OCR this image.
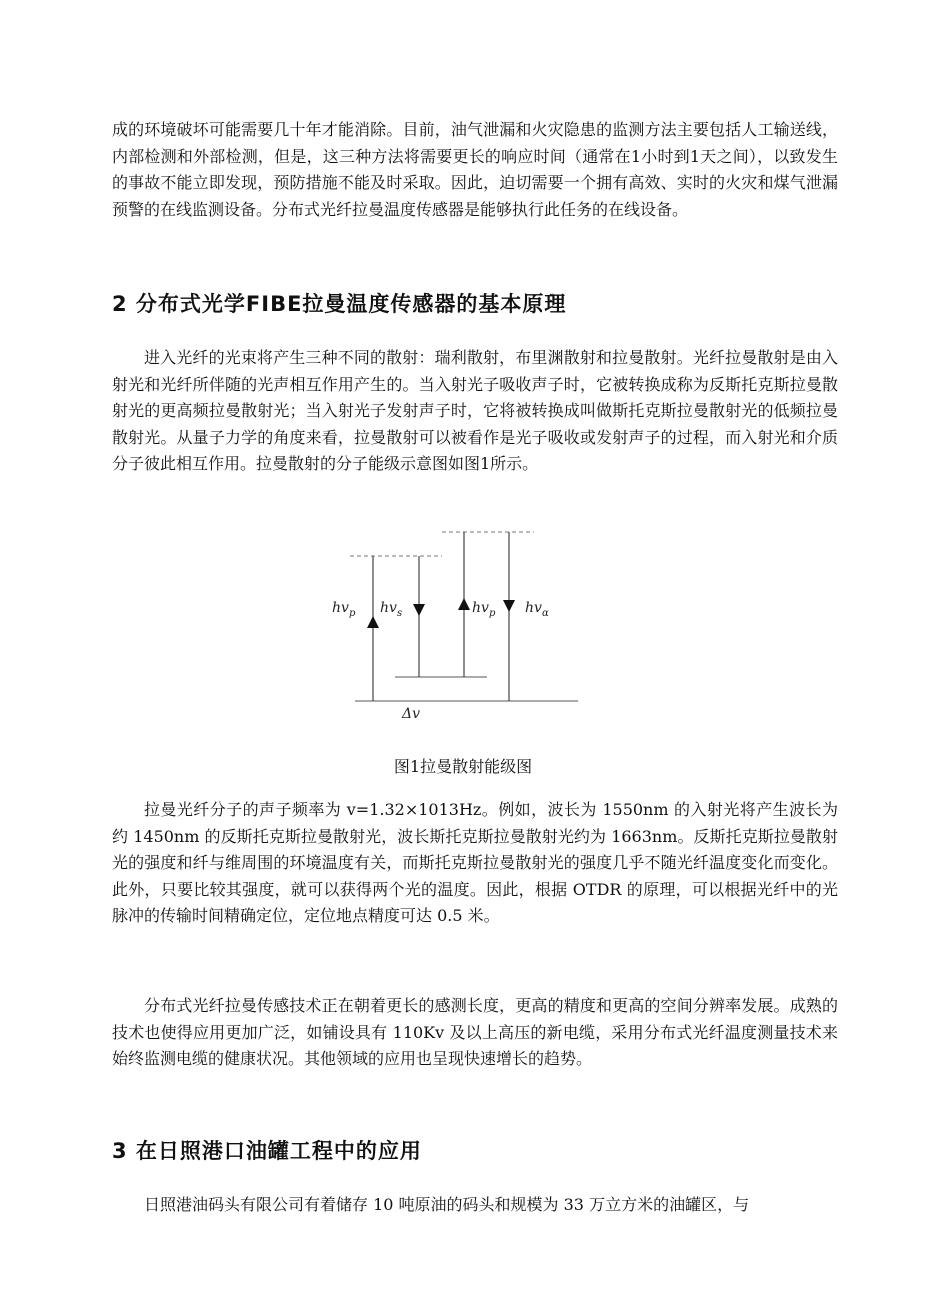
成的环境破坏可能需要几十年才能消除。目前，油气泄漏和火灾隐患的监测方法主要包括人工输送线，内部检测和外部检测，但是，这三种方法将需要更长的响应时间（通常在1小时到1天之间），以致发生的事故不能立即发现，预防措施不能及时采取。因此，迫切需要一个拥有高效、实时的火灾和煤气泄漏预警的在线监测设备。分布式光纤拉曼温度传感器是能够执行此任务的在线设备。

2 分布式光学FIBE拉曼温度传感器的基本原理

进入光纤的光束将产生三种不同的散射：瑞利散射，布里渊散射和拉曼散射。光纤拉曼散射是由入射光和光纤所伴随的光声相互作用产生的。当入射光子吸收声子时，它被转换成称为反斯托克斯拉曼散射光的更高频拉曼散射光；当入射光子发射声子时，它将被转换成叫做斯托克斯拉曼散射光的低频拉曼散射光。从量子力学的角度来看，拉曼散射可以被看作是光子吸收或发射声子的过程，而入射光和介质分子彼此相互作用。拉曼散射的分子能级示意图如图1所示。

$hv_p$ $hv_s$	$hv_p$ $hv_\alpha$
Δv
图1拉曼散射能级图

拉曼光纤分子的声子频率为 v=1.32×1013Hz。例如，波长为 1550nm 的入射光将产生波长为约 1450nm 的反斯托克斯拉曼散射光，波长斯托克斯拉曼散射光约为 1663nm。反斯托克斯拉曼散射光的强度和纤与维周围的环境温度有关，而斯托克斯拉曼散射光的强度几乎不随光纤温度变化而变化。此外，只要比较其强度，就可以获得两个光的温度。因此，根据 OTDR 的原理，可以根据光纤中的光脉冲的传输时间精确定位，定位地点精度可达 0.5 米。

分布式光纤拉曼传感技术正在朝着更长的感测长度，更高的精度和更高的空间分辨率发展。成熟的技术也使得应用更加广泛，如铺设具有 110Kv 及以上高压的新电缆，采用分布式光纤温度测量技术来始终监测电缆的健康状况。其他领域的应用也呈现快速增长的趋势。

3 在日照港口油罐工程中的应用

日照港油码头有限公司有着储存 10 吨原油的码头和规模为 33 万立方米的油罐区，与
